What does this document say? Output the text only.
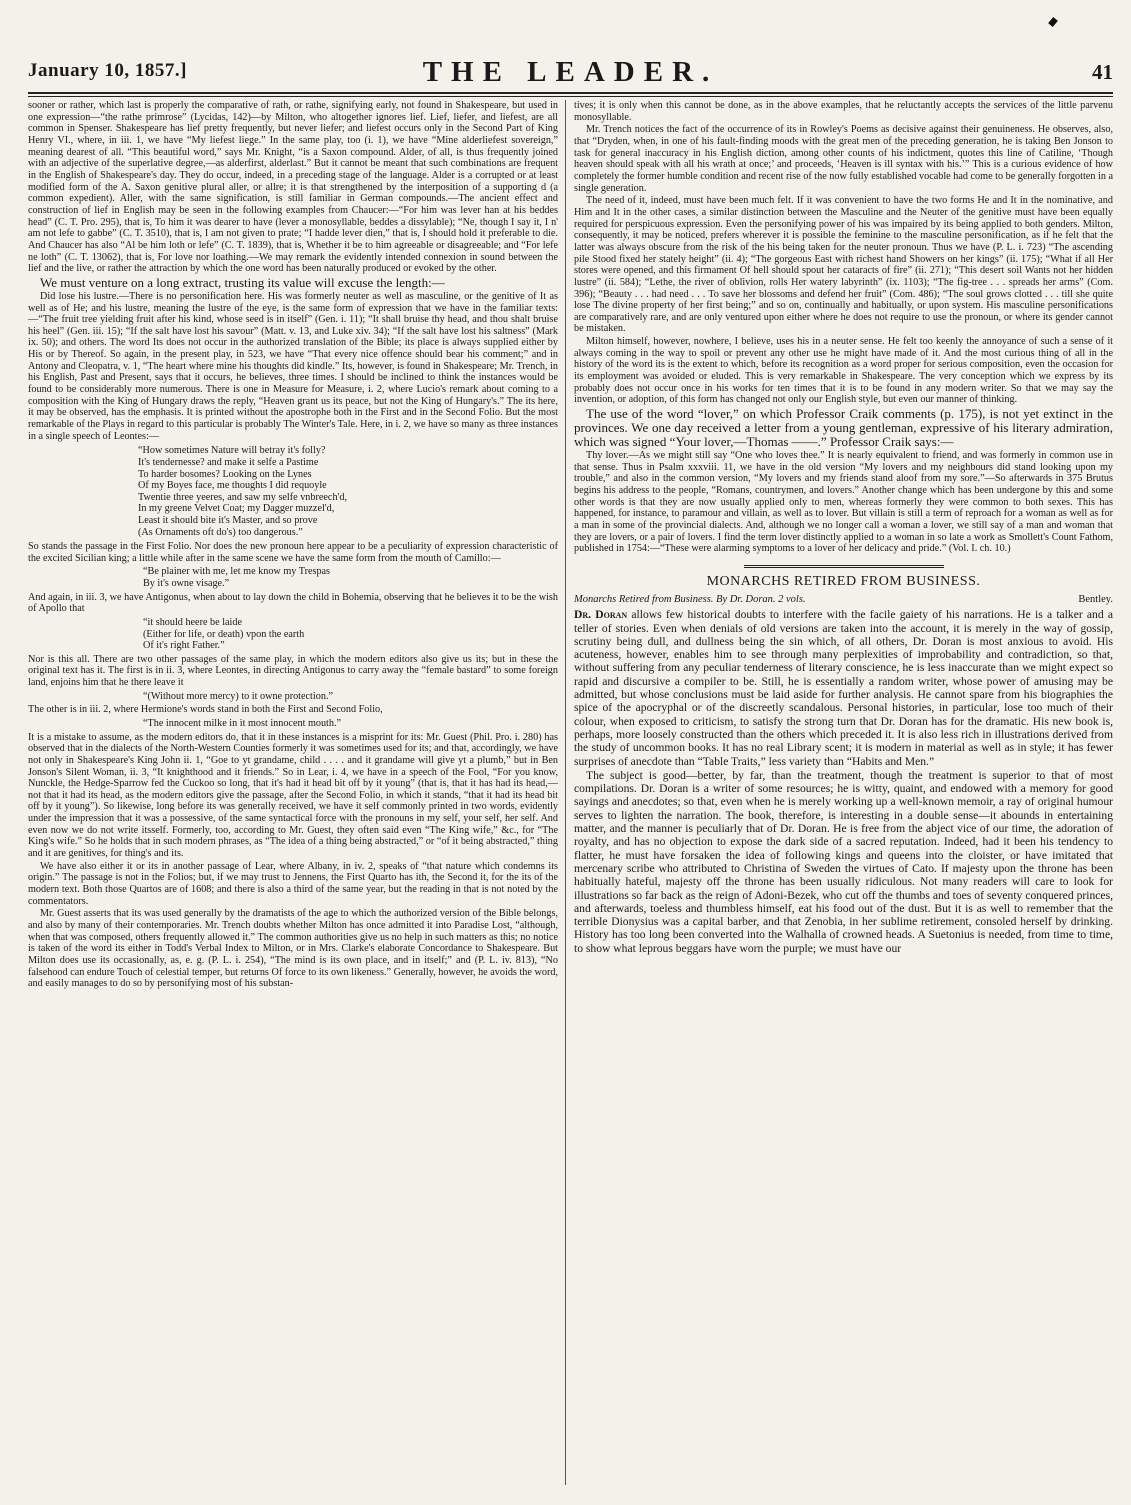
January 10, 1857.]	THE LEADER.	41

sooner or rather, which last is properly the comparative of rath, or rathe, signifying early, not found in Shakespeare, but used in one expression—“the rathe primrose” (Lycidas, 142)—by Milton, who altogether ignores lief. Lief, liefer, and liefest, are all common in Spenser. Shakespeare has lief pretty frequently, but never liefer; and liefest occurs only in the Second Part of King Henry VI., where, in iii. 1, we have “My liefest liege.” In the same play, too (i. 1), we have “Mine alderliefest sovereign,” meaning dearest of all. “This beautiful word,” says Mr. Knight, “is a Saxon compound. Alder, of all, is thus frequently joined with an adjective of the superlative degree,—as alderfirst, alderlast.” But it cannot be meant that such combinations are frequent in the English of Shakespeare's day. They do occur, indeed, in a preceding stage of the language. Alder is a corrupted or at least modified form of the A. Saxon genitive plural aller, or allre; it is that strengthened by the interposition of a supporting d (a common expedient). Aller, with the same signification, is still familiar in German compounds.—The ancient effect and construction of lief in English may be seen in the following examples from Chaucer:—“For him was lever han at his beddes head” (C. T. Pro. 295), that is, To him it was dearer to have (lever a monosyllable, beddes a dissylable); “Ne, though I say it, I n' am not lefe to gabbe” (C. T. 3510), that is, I am not given to prate; “I hadde lever dien,” that is, I should hold it preferable to die. And Chaucer has also “Al be him loth or lefe” (C. T. 1839), that is, Whether it be to him agreeable or disagreeable; and “For lefe ne loth” (C. T. 13062), that is, For love nor loathing.—We may remark the evidently intended connexion in sound between the lief and the live, or rather the attraction by which the one word has been naturally produced or evoked by the other.

We must venture on a long extract, trusting its value will excuse the length:—

Did lose his lustre.—There is no personification here. His was formerly neuter as well as masculine, or the genitive of It as well as of He; and his lustre, meaning the lustre of the eye, is the same form of expression that we have in the familiar texts:—“The fruit tree yielding fruit after his kind, whose seed is in itself” (Gen. i. 11); “It shall bruise thy head, and thou shalt bruise his heel” (Gen. iii. 15); “If the salt have lost his savour” (Matt. v. 13, and Luke xiv. 34); “If the salt have lost his saltness” (Mark ix. 50); and others. The word Its does not occur in the authorized translation of the Bible; its place is always supplied either by His or by Thereof. So again, in the present play, in 523, we have “That every nice offence should bear his comment;” and in Antony and Cleopatra, v. 1, “The heart where mine his thoughts did kindle.” Its, however, is found in Shakespeare; Mr. Trench, in his English, Past and Present, says that it occurs, he believes, three times. I should be inclined to think the instances would be found to be considerably more numerous. There is one in Measure for Measure, i. 2, where Lucio's remark about coming to a composition with the King of Hungary draws the reply, “Heaven grant us its peace, but not the King of Hungary's.” The its here, it may be observed, has the emphasis. It is printed without the apostrophe both in the First and in the Second Folio. But the most remarkable of the Plays in regard to this particular is probably The Winter's Tale. Here, in i. 2, we have so many as three instances in a single speech of Leontes:—

“How sometimes Nature will betray it's folly?
It's tendernesse? and make it selfe a Pastime
To harder bosomes? Looking on the Lynes
Of my Boyes face, me thoughts I did requoyle
Twentie three yeeres, and saw my selfe vnbreech'd,
In my greene Velvet Coat; my Dagger muzzel'd,
Least it should bite it's Master, and so prove
(As Ornaments oft do's) too dangerous.”

So stands the passage in the First Folio. Nor does the new pronoun here appear to be a peculiarity of expression characteristic of the excited Sicilian king; a little while after in the same scene we have the same form from the mouth of Camillo:—

“Be plainer with me, let me know my Trespas
By it's owne visage.”

And again, in iii. 3, we have Antigonus, when about to lay down the child in Bohemia, observing that he believes it to be the wish of Apollo that

“it should heere be laide
(Either for life, or death) vpon the earth
Of it's right Father.”

Nor is this all. There are two other passages of the same play, in which the modern editors also give us its; but in these the original text has it. The first is in ii. 3, where Leontes, in directing Antigonus to carry away the “female bastard” to some foreign land, enjoins him that he there leave it

“(Without more mercy) to it owne protection.”

The other is in iii. 2, where Hermione's words stand in both the First and Second Folio,

“The innocent milke in it most innocent mouth.”

It is a mistake to assume, as the modern editors do, that it in these instances is a misprint for its: Mr. Guest (Phil. Pro. i. 280) has observed that in the dialects of the North-Western Counties formerly it was sometimes used for its; and that, accordingly, we have not only in Shakespeare's King John ii. 1, “Goe to yt grandame, child . . . . and it grandame will give yt a plumb,” but in Ben Jonson's Silent Woman, ii. 3, “It knighthood and it friends.” So in Lear, i. 4, we have in a speech of the Fool, “For you know, Nunckle, the Hedge-Sparrow fed the Cuckoo so long, that it's had it head bit off by it young” (that is, that it has had its head,—not that it had its head, as the modern editors give the passage, after the Second Folio, in which it stands, “that it had its head bit off by it young”). So likewise, long before its was generally received, we have it self commonly printed in two words, evidently under the impression that it was a possessive, of the same syntactical force with the pronouns in my self, your self, her self. And even now we do not write itsself. Formerly, too, according to Mr. Guest, they often said even “The King wife,” &c., for “The King's wife.” So he holds that in such modern phrases, as “The idea of a thing being abstracted,” or “of it being abstracted,” thing and it are genitives, for thing's and its.

We have also either it or its in another passage of Lear, where Albany, in iv. 2, speaks of “that nature which condemns its origin.” The passage is not in the Folios; but, if we may trust to Jennens, the First Quarto has ith, the Second it, for the its of the modern text. Both those Quartos are of 1608; and there is also a third of the same year, but the reading in that is not noted by the commentators.

Mr. Guest asserts that its was used generally by the dramatists of the age to which the authorized version of the Bible belongs, and also by many of their contemporaries. Mr. Trench doubts whether Milton has once admitted it into Paradise Lost, “although, when that was composed, others frequently allowed it.” The common authorities give us no help in such matters as this; no notice is taken of the word its either in Todd's Verbal Index to Milton, or in Mrs. Clarke's elaborate Concordance to Shakespeare. But Milton does use its occasionally, as, e. g. (P. L. i. 254), “The mind is its own place, and in itself;” and (P. L. iv. 813), “No falsehood can endure Touch of celestial temper, but returns Of force to its own likeness.” Generally, however, he avoids the word, and easily manages to do so by personifying most of his substan-

tives; it is only when this cannot be done, as in the above examples, that he reluctantly accepts the services of the little parvenu monosyllable.

Mr. Trench notices the fact of the occurrence of its in Rowley's Poems as decisive against their genuineness. He observes, also, that “Dryden, when, in one of his fault-finding moods with the great men of the preceding generation, he is taking Ben Jonson to task for general inaccuracy in his English diction, among other counts of his indictment, quotes this line of Catiline, ‘Though heaven should speak with all his wrath at once;’ and proceeds, ‘Heaven is ill syntax with his.’” This is a curious evidence of how completely the former humble condition and recent rise of the now fully established vocable had come to be generally forgotten in a single generation.

The need of it, indeed, must have been much felt. If it was convenient to have the two forms He and It in the nominative, and Him and It in the other cases, a similar distinction between the Masculine and the Neuter of the genitive must have been equally required for perspicuous expression. Even the personifying power of his was impaired by its being applied to both genders. Milton, consequently, it may be noticed, prefers wherever it is possible the feminine to the masculine personification, as if he felt that the latter was always obscure from the risk of the his being taken for the neuter pronoun. Thus we have (P. L. i. 723) “The ascending pile Stood fixed her stately height” (ii. 4); “The gorgeous East with richest hand Showers on her kings” (ii. 175); “What if all Her stores were opened, and this firmament Of hell should spout her cataracts of fire” (ii. 271); “This desert soil Wants not her hidden lustre” (ii. 584); “Lethe, the river of oblivion, rolls Her watery labyrinth” (ix. 1103); “The fig-tree . . . spreads her arms” (Com. 396); “Beauty . . . had need . . . To save her blossoms and defend her fruit” (Com. 486); “The soul grows clotted . . . till she quite lose The divine property of her first being;” and so on, continually and habitually, or upon system. His masculine personifications are comparatively rare, and are only ventured upon either where he does not require to use the pronoun, or where its gender cannot be mistaken.

Milton himself, however, nowhere, I believe, uses his in a neuter sense. He felt too keenly the annoyance of such a sense of it always coming in the way to spoil or prevent any other use he might have made of it. And the most curious thing of all in the history of the word its is the extent to which, before its recognition as a word proper for serious composition, even the occasion for its employment was avoided or eluded. This is very remarkable in Shakespeare. The very conception which we express by its probably does not occur once in his works for ten times that it is to be found in any modern writer. So that we may say the invention, or adoption, of this form has changed not only our English style, but even our manner of thinking.

The use of the word “lover,” on which Professor Craik comments (p. 175), is not yet extinct in the provinces. We one day received a letter from a young gentleman, expressive of his literary admiration, which was signed “Your lover,—Thomas ——.” Professor Craik says:—

Thy lover.—As we might still say “One who loves thee.” It is nearly equivalent to friend, and was formerly in common use in that sense. Thus in Psalm xxxviii. 11, we have in the old version “My lovers and my neighbours did stand looking upon my trouble,” and also in the common version, “My lovers and my friends stand aloof from my sore.”—So afterwards in 375 Brutus begins his address to the people, “Romans, countrymen, and lovers.” Another change which has been undergone by this and some other words is that they are now usually applied only to men, whereas formerly they were common to both sexes. This has happened, for instance, to paramour and villain, as well as to lover. But villain is still a term of reproach for a woman as well as for a man in some of the provincial dialects. And, although we no longer call a woman a lover, we still say of a man and woman that they are lovers, or a pair of lovers. I find the term lover distinctly applied to a woman in so late a work as Smollett's Count Fathom, published in 1754:—“These were alarming symptoms to a lover of her delicacy and pride.” (Vol. I. ch. 10.)

MONARCHS RETIRED FROM BUSINESS.
Monarchs Retired from Business. By Dr. Doran. 2 vols.	Bentley.

Dr. Doran allows few historical doubts to interfere with the facile gaiety of his narrations. He is a talker and a teller of stories. Even when denials of old versions are taken into the account, it is merely in the way of gossip, scrutiny being dull, and dullness being the sin which, of all others, Dr. Doran is most anxious to avoid. His acuteness, however, enables him to see through many perplexities of improbability and contradiction, so that, without suffering from any peculiar tenderness of literary conscience, he is less inaccurate than we might expect so rapid and discursive a compiler to be. Still, he is essentially a random writer, whose power of amusing may be admitted, but whose conclusions must be laid aside for further analysis. He cannot spare from his biographies the spice of the apocryphal or of the discreetly scandalous. Personal histories, in particular, lose too much of their colour, when exposed to criticism, to satisfy the strong turn that Dr. Doran has for the dramatic. His new book is, perhaps, more loosely constructed than the others which preceded it. It is also less rich in illustrations derived from the study of uncommon books. It has no real Library scent; it is modern in material as well as in style; it has fewer surprises of anecdote than “Table Traits,” less variety than “Habits and Men.”

The subject is good—better, by far, than the treatment, though the treatment is superior to that of most compilations. Dr. Doran is a writer of some resources; he is witty, quaint, and endowed with a memory for good sayings and anecdotes; so that, even when he is merely working up a well-known memoir, a ray of original humour serves to lighten the narration. The book, therefore, is interesting in a double sense—it abounds in entertaining matter, and the manner is peculiarly that of Dr. Doran. He is free from the abject vice of our time, the adoration of royalty, and has no objection to expose the dark side of a sacred reputation. Indeed, had it been his tendency to flatter, he must have forsaken the idea of following kings and queens into the cloister, or have imitated that mercenary scribe who attributed to Christina of Sweden the virtues of Cato. If majesty upon the throne has been habitually hateful, majesty off the throne has been usually ridiculous. Not many readers will care to look for illustrations so far back as the reign of Adoni-Bezek, who cut off the thumbs and toes of seventy conquered princes, and afterwards, toeless and thumbless himself, eat his food out of the dust. But it is as well to remember that the terrible Dionysius was a capital barber, and that Zenobia, in her sublime retirement, consoled herself by drinking. History has too long been converted into the Walhalla of crowned heads. A Suetonius is needed, from time to time, to show what leprous beggars have worn the purple; we must have our
